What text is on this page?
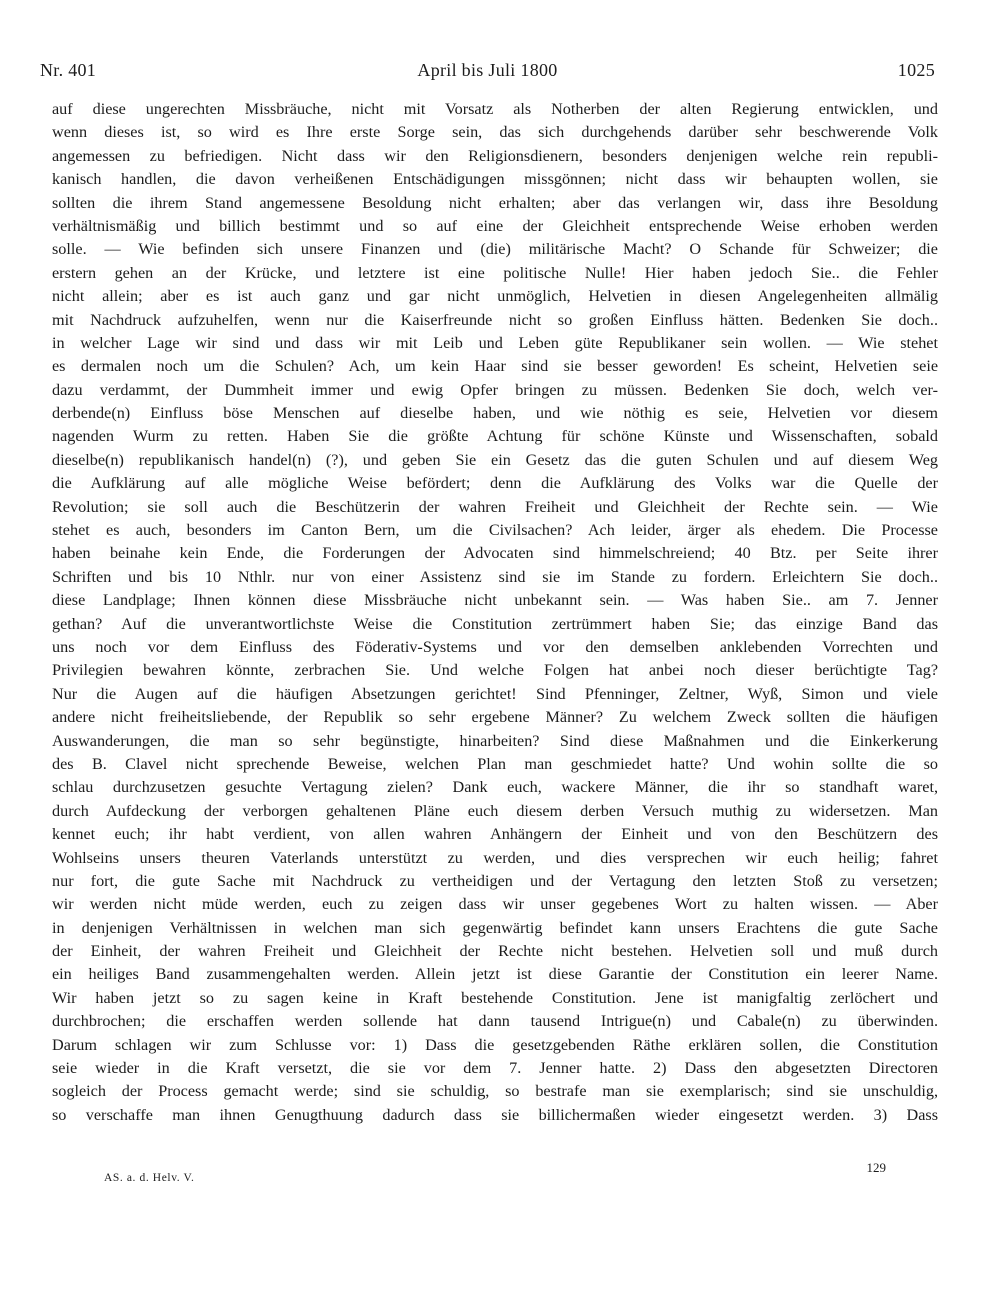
Nr. 401	April bis Juli 1800	1025
auf diese ungerechten Missbräuche, nicht mit Vorsatz als Notherben der alten Regierung entwicklen, und
wenn dieses ist, so wird es Ihre erste Sorge sein, das sich durchgehends darüber sehr beschwerende Volk
angemessen zu befriedigen. Nicht dass wir den Religionsdienern, besonders denjenigen welche rein republi-
kanisch handlen, die davon verheißenen Entschädigungen missgönnen; nicht dass wir behaupten wollen, sie
sollten die ihrem Stand angemessene Besoldung nicht erhalten; aber das verlangen wir, dass ihre Besoldung
verhältnismäßig und billich bestimmt und so auf eine der Gleichheit entsprechende Weise erhoben werden
solle. — Wie befinden sich unsere Finanzen und (die) militärische Macht? O Schande für Schweizer; die
erstern gehen an der Krücke, und letztere ist eine politische Nulle! Hier haben jedoch Sie.. die Fehler
nicht allein; aber es ist auch ganz und gar nicht unmöglich, Helvetien in diesen Angelegenheiten allmälig
mit Nachdruck aufzuhelfen, wenn nur die Kaiserfreunde nicht so großen Einfluss hätten. Bedenken Sie doch..
in welcher Lage wir sind und dass wir mit Leib und Leben güte Republikaner sein wollen. — Wie stehet
es dermalen noch um die Schulen? Ach, um kein Haar sind sie besser geworden! Es scheint, Helvetien seie
dazu verdammt, der Dummheit immer und ewig Opfer bringen zu müssen. Bedenken Sie doch, welch ver-
derbende(n) Einfluss böse Menschen auf dieselbe haben, und wie nöthig es seie, Helvetien vor diesem
nagenden Wurm zu retten. Haben Sie die größte Achtung für schöne Künste und Wissenschaften, sobald
dieselbe(n) republikanisch handel(n) (?), und geben Sie ein Gesetz das die guten Schulen und auf diesem Weg
die Aufklärung auf alle mögliche Weise befördert; denn die Aufklärung des Volks war die Quelle der
Revolution; sie soll auch die Beschützerin der wahren Freiheit und Gleichheit der Rechte sein. — Wie
stehet es auch, besonders im Canton Bern, um die Civilsachen? Ach leider, ärger als ehedem. Die Processe
haben beinahe kein Ende, die Forderungen der Advocaten sind himmelschreiend; 40 Btz. per Seite ihrer
Schriften und bis 10 Nthlr. nur von einer Assistenz sind sie im Stande zu fordern. Erleichtern Sie doch..
diese Landplage; Ihnen können diese Missbräuche nicht unbekannt sein. — Was haben Sie.. am 7. Jenner
gethan? Auf die unverantwortlichste Weise die Constitution zertrümmert haben Sie; das einzige Band das
uns noch vor dem Einfluss des Föderativ-Systems und vor den demselben anklebenden Vorrechten und
Privilegien bewahren könnte, zerbrachen Sie. Und welche Folgen hat anbei noch dieser berüchtigte Tag?
Nur die Augen auf die häufigen Absetzungen gerichtet! Sind Pfenninger, Zeltner, Wyß, Simon und viele
andere nicht freiheitsliebende, der Republik so sehr ergebene Männer? Zu welchem Zweck sollten die häufigen
Auswanderungen, die man so sehr begünstigte, hinarbeiten? Sind diese Maßnahmen und die Einkerkerung
des B. Clavel nicht sprechende Beweise, welchen Plan man geschmiedet hatte? Und wohin sollte die so
schlau durchzusetzen gesuchte Vertagung zielen? Dank euch, wackere Männer, die ihr so standhaft waret,
durch Aufdeckung der verborgen gehaltenen Pläne euch diesem derben Versuch muthig zu widersetzen. Man
kennet euch; ihr habt verdient, von allen wahren Anhängern der Einheit und von den Beschützern des
Wohlseins unsers theuren Vaterlands unterstützt zu werden, und dies versprechen wir euch heilig; fahret
nur fort, die gute Sache mit Nachdruck zu vertheidigen und der Vertagung den letzten Stoß zu versetzen;
wir werden nicht müde werden, euch zu zeigen dass wir unser gegebenes Wort zu halten wissen. — Aber
in denjenigen Verhältnissen in welchen man sich gegenwärtig befindet kann unsers Erachtens die gute Sache
der Einheit, der wahren Freiheit und Gleichheit der Rechte nicht bestehen. Helvetien soll und muß durch
ein heiliges Band zusammengehalten werden. Allein jetzt ist diese Garantie der Constitution ein leerer Name.
Wir haben jetzt so zu sagen keine in Kraft bestehende Constitution. Jene ist manigfaltig zerlöchert und
durchbrochen; die erschaffen werden sollende hat dann tausend Intrigue(n) und Cabale(n) zu überwinden.
Darum schlagen wir zum Schlusse vor: 1) Dass die gesetzgebenden Räthe erklären sollen, die Constitution
seie wieder in die Kraft versetzt, die sie vor dem 7. Jenner hatte. 2) Dass den abgesetzten Directoren
sogleich der Process gemacht werde; sind sie schuldig, so bestrafe man sie exemplarisch; sind sie unschuldig,
so verschaffe man ihnen Genugthuung dadurch dass sie billichermaßen wieder eingesetzt werden. 3) Dass
AS. a. d. Helv. V.
129
